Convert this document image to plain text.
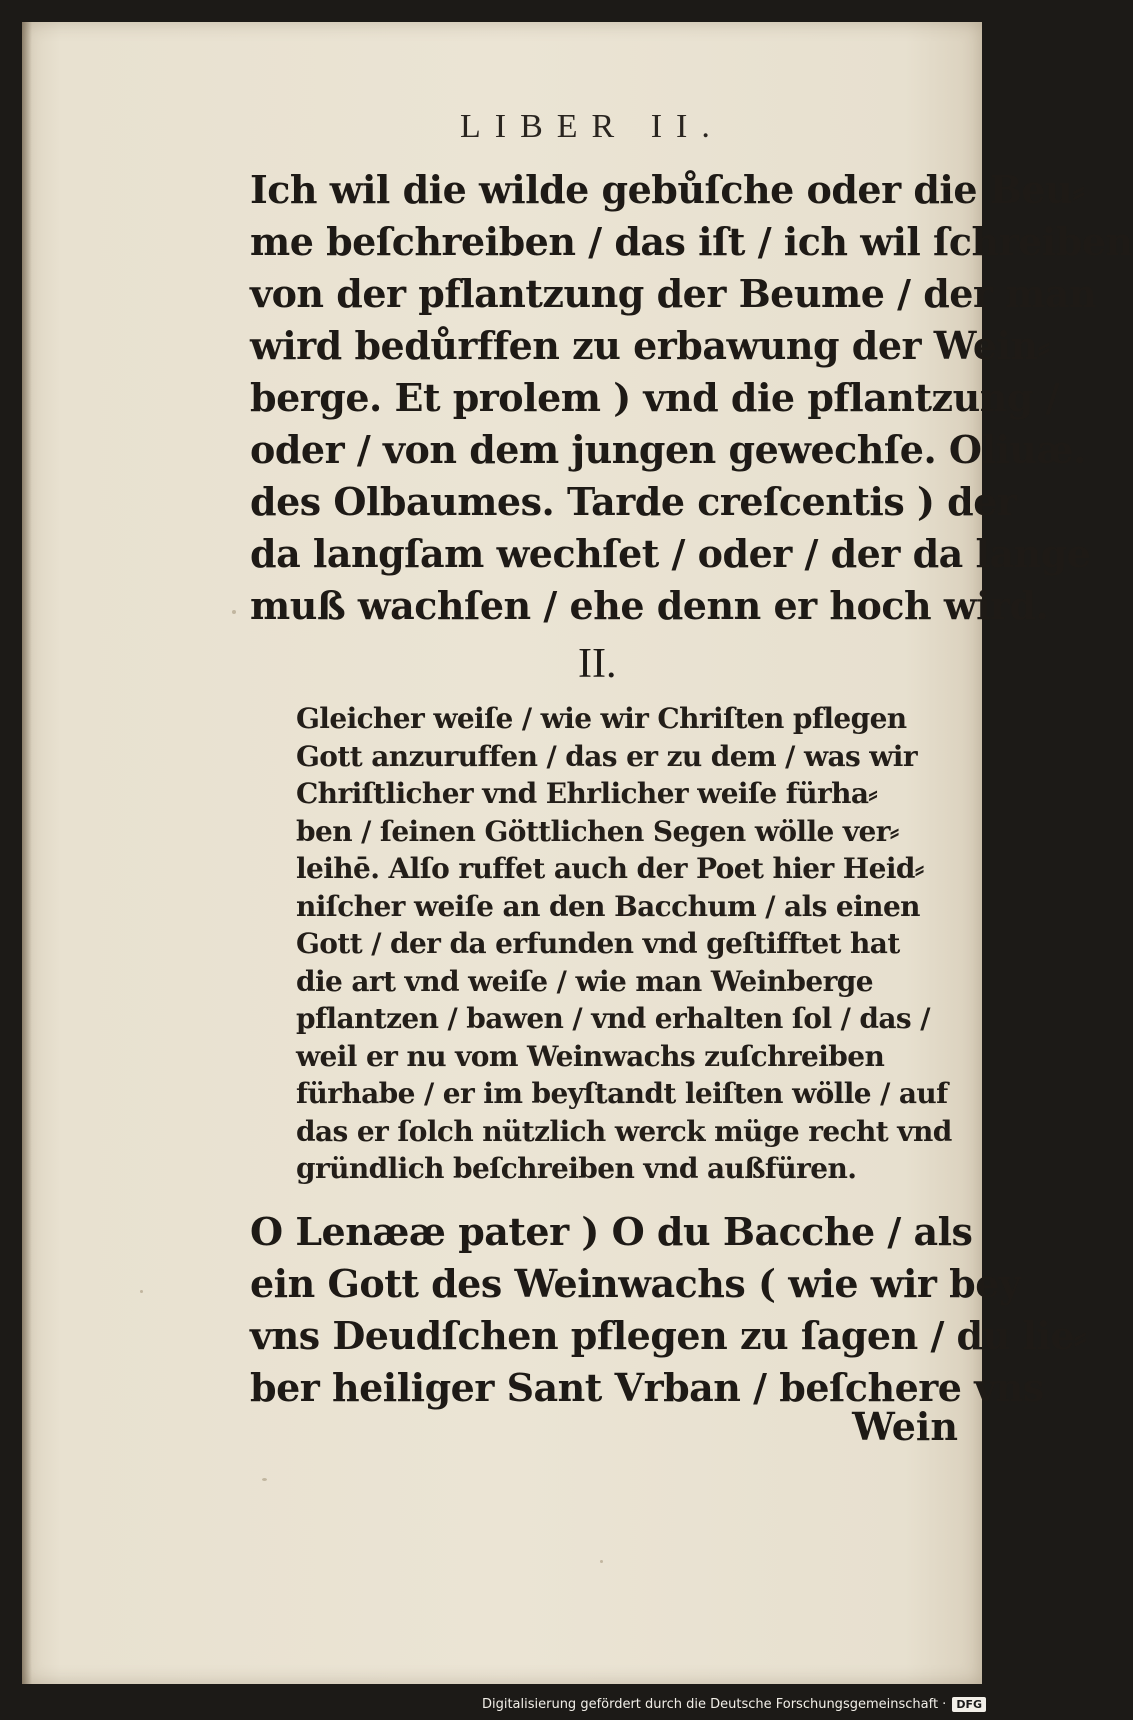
LIBER II.
Ich wil die wilde gebůſche oder die Beu⸗
me beſchreiben / das iſt / ich wil ſchreiben
von der pflantzung der Beume / der man
wird bedůrffen zu erbawung der Wein⸗
berge. Et prolem ) vnd die pflantzung /
oder / von dem jungen gewechſe. Oliuæ.
des Olbaumes. Tarde creſcentis ) der
da langſam wechſet / oder / der da lange
muß wachſen / ehe denn er hoch wird.
II.
Gleicher weiſe / wie wir Chriſten pflegen
Gott anzuruffen / das er zu dem / was wir
Chriſtlicher vnd Ehrlicher weiſe fürha⸗
ben / ſeinen Göttlichen Segen wölle ver⸗
leihē. Alſo ruffet auch der Poet hier Heid⸗
niſcher weiſe an den Bacchum / als einen
Gott / der da erfunden vnd geſtifftet hat
die art vnd weiſe / wie man Weinberge
pflantzen / bawen / vnd erhalten ſol / das /
weil er nu vom Weinwachs zuſchreiben
fürhabe / er im beyſtandt leiſten wölle / auf
das er ſolch nützlich werck müge recht vnd
gründlich beſchreiben vnd außfüren.
O Lenææ pater ) O du Bacche / als
ein Gott des Weinwachs ( wie wir bey
vns Deudſchen pflegen zu ſagen / du lie⸗
ber heiliger Sant Vrban / beſchere vns
Wein
Digitalisierung gefördert durch die Deutsche Forschungsgemeinschaft · DFG
